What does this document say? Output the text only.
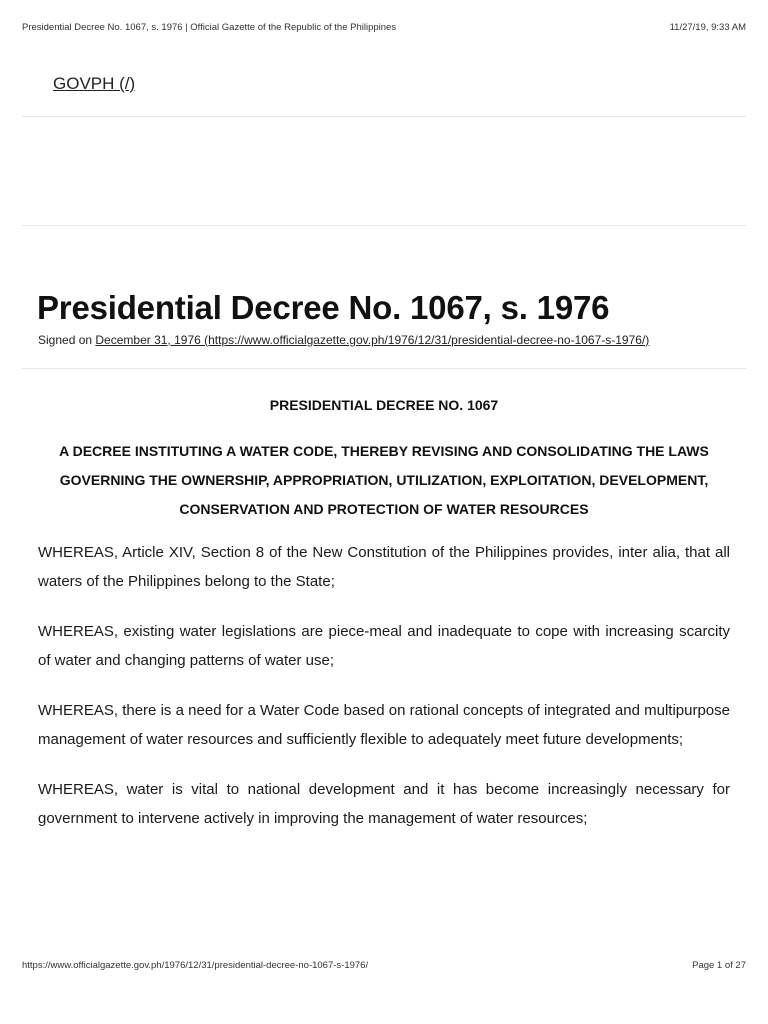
Presidential Decree No. 1067, s. 1976 | Official Gazette of the Republic of the Philippines	11/27/19, 9:33 AM
GOVPH (/)
Presidential Decree No. 1067, s. 1976
Signed on December 31, 1976 (https://www.officialgazette.gov.ph/1976/12/31/presidential-decree-no-1067-s-1976/)

PRESIDENTIAL DECREE NO. 1067

A DECREE INSTITUTING A WATER CODE, THEREBY REVISING AND CONSOLIDATING THE LAWS GOVERNING THE OWNERSHIP, APPROPRIATION, UTILIZATION, EXPLOITATION, DEVELOPMENT, CONSERVATION AND PROTECTION OF WATER RESOURCES

WHEREAS, Article XIV, Section 8 of the New Constitution of the Philippines provides, inter alia, that all waters of the Philippines belong to the State;

WHEREAS, existing water legislations are piece-meal and inadequate to cope with increasing scarcity of water and changing patterns of water use;

WHEREAS, there is a need for a Water Code based on rational concepts of integrated and multipurpose management of water resources and sufficiently flexible to adequately meet future developments;

WHEREAS, water is vital to national development and it has become increasingly necessary for government to intervene actively in improving the management of water resources;

https://www.officialgazette.gov.ph/1976/12/31/presidential-decree-no-1067-s-1976/	Page 1 of 27
